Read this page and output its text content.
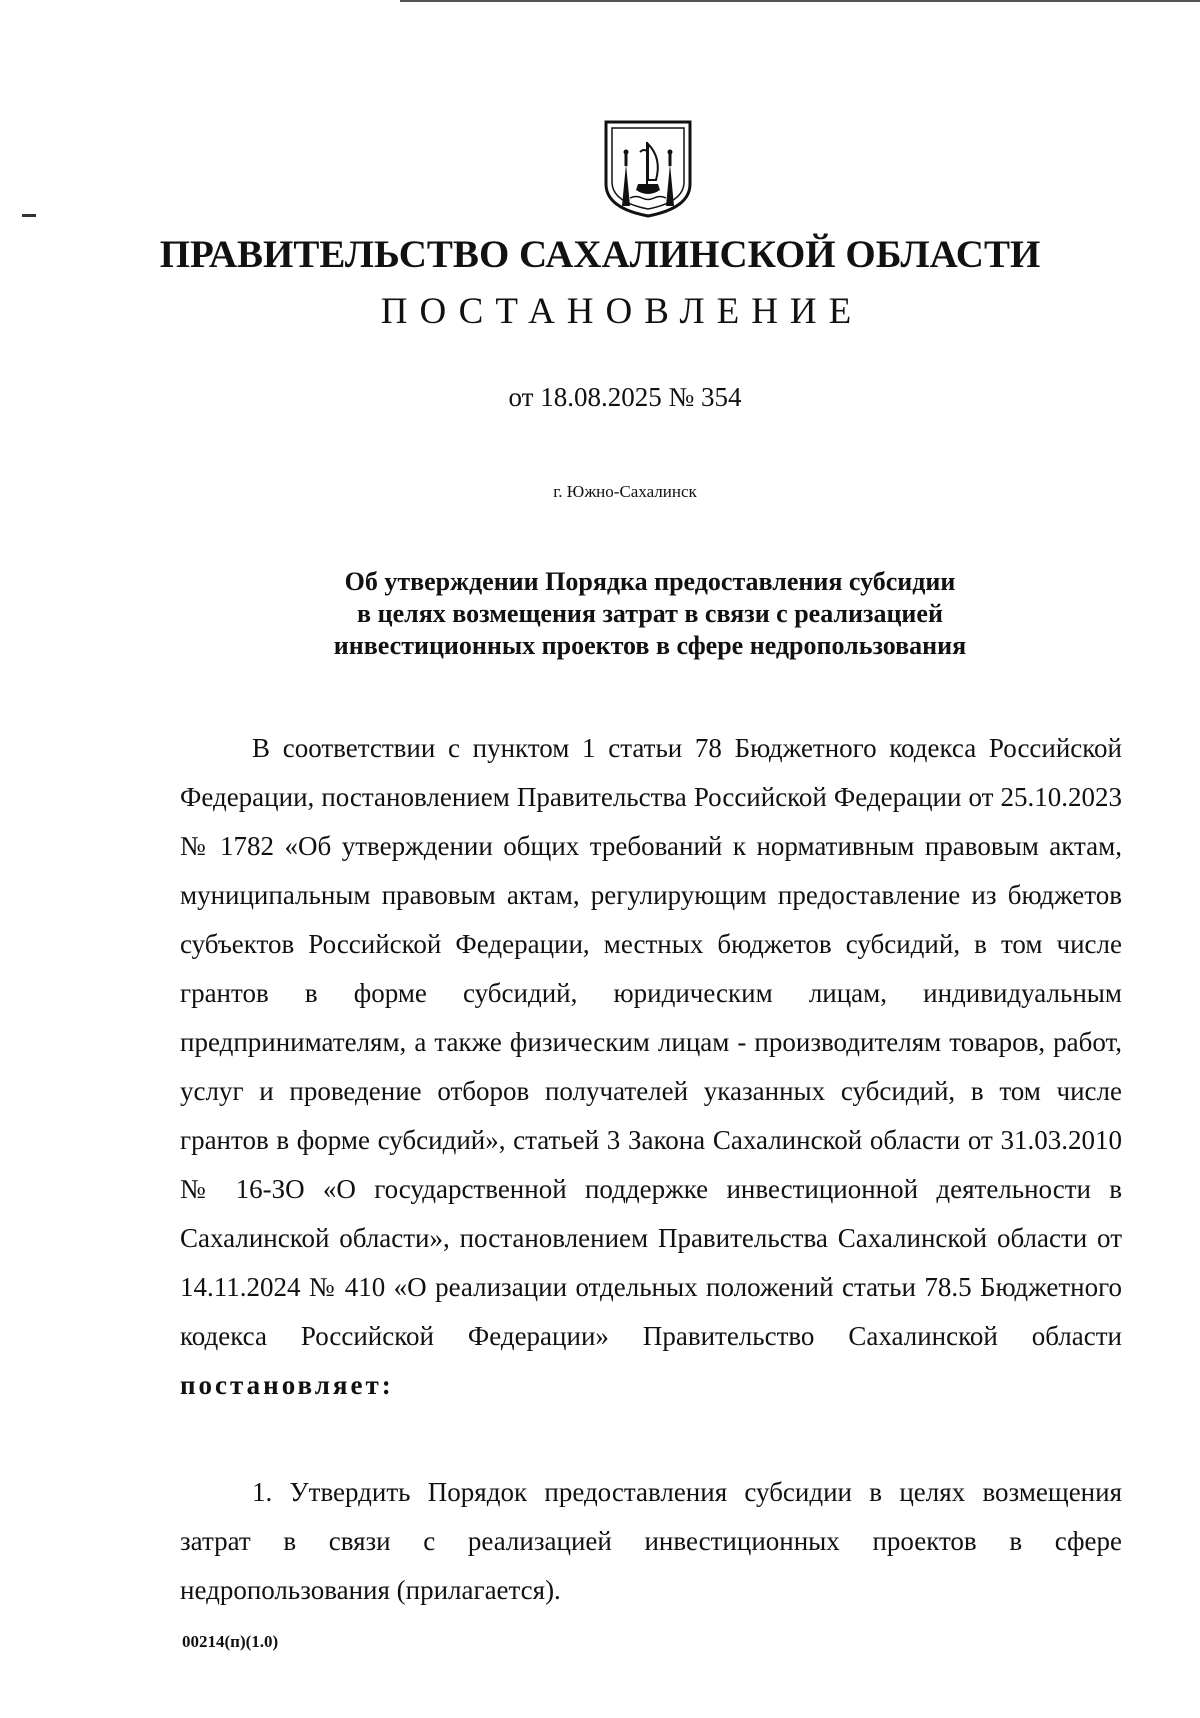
ПРАВИТЕЛЬСТВО САХАЛИНСКОЙ ОБЛАСТИ
ПОСТАНОВЛЕНИЕ
от 18.08.2025 № 354
г. Южно-Сахалинск
Об утверждении Порядка предоставления субсидии
в целях возмещения затрат в связи с реализацией
инвестиционных проектов в сфере недропользования

В соответствии с пунктом 1 статьи 78 Бюджетного кодекса Российской Федерации, постановлением Правительства Российской Федерации от 25.10.2023 № 1782 «Об утверждении общих требований к нормативным правовым актам, муниципальным правовым актам, регулирующим предоставление из бюджетов субъектов Российской Федерации, местных бюджетов субсидий, в том числе грантов в форме субсидий, юридическим лицам, индивидуальным предпринимателям, а также физическим лицам - производителям товаров, работ, услуг и проведение отборов получателей указанных субсидий, в том числе грантов в форме субсидий», статьей 3 Закона Сахалинской области от 31.03.2010 № 16-ЗО «О государственной поддержке инвестиционной деятельности в Сахалинской области», постановлением Правительства Сахалинской области от 14.11.2024 № 410 «О реализации отдельных положений статьи 78.5 Бюджетного кодекса Российской Федерации» Правительство Сахалинской области постановляет:

1. Утвердить Порядок предоставления субсидии в целях возмещения затрат в связи с реализацией инвестиционных проектов в сфере недропользования (прилагается).

00214(п)(1.0)
